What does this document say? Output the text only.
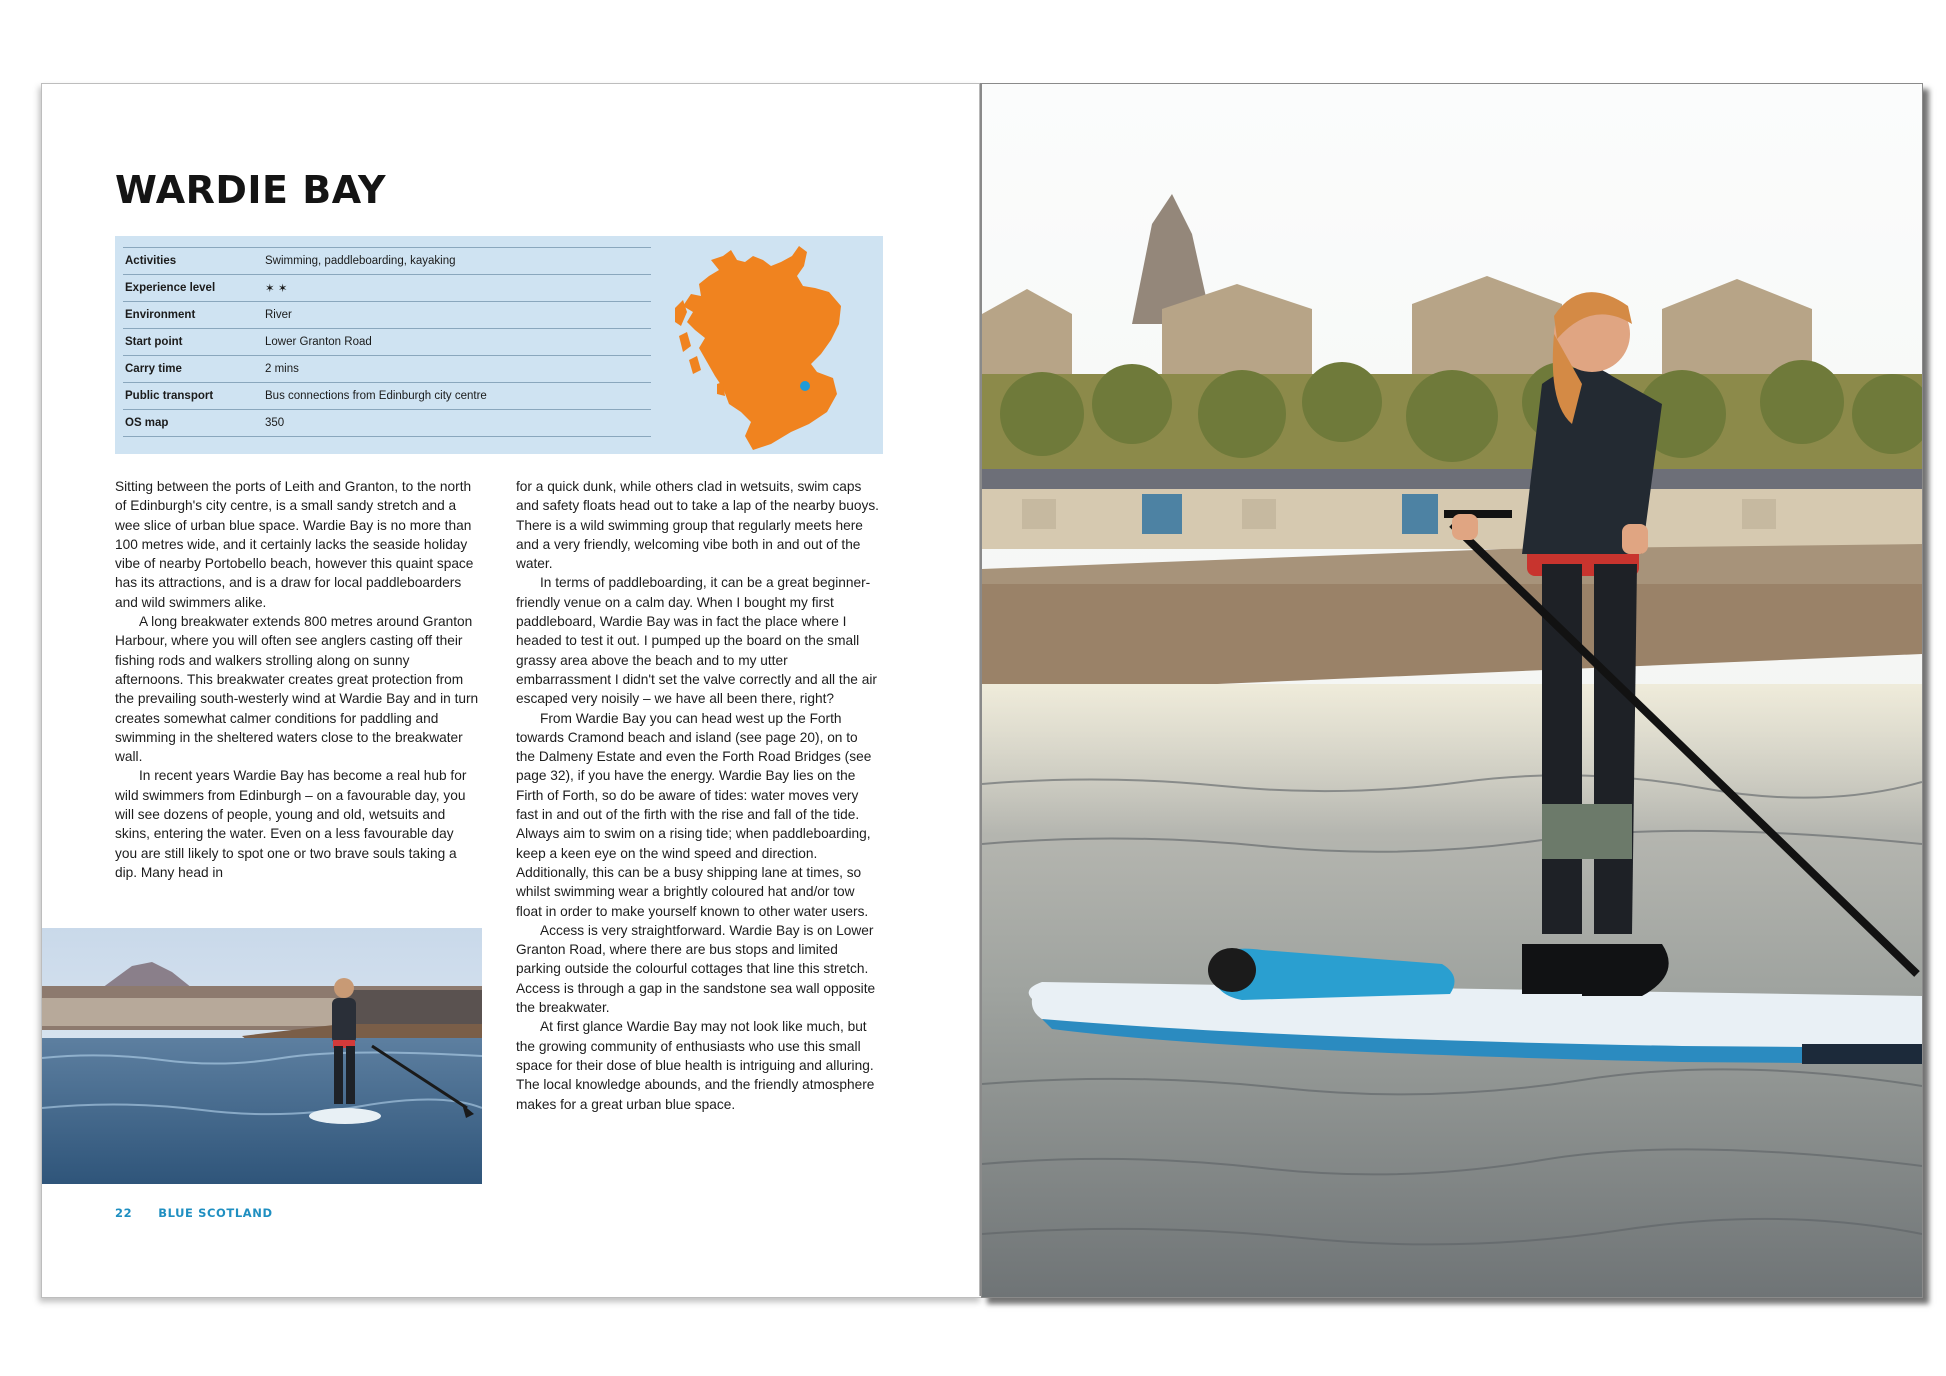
WARDIE BAY
Activities	Swimming, paddleboarding, kayaking
Experience level	✶ ✶
Environment	River
Start point	Lower Granton Road
Carry time	2 mins
Public transport	Bus connections from Edinburgh city centre
OS map	350

Sitting between the ports of Leith and Granton, to the north of Edinburgh's city centre, is a small sandy stretch and a wee slice of urban blue space. Wardie Bay is no more than 100 metres wide, and it certainly lacks the seaside holiday vibe of nearby Portobello beach, however this quaint space has its attractions, and is a draw for local paddleboarders and wild swimmers alike.

A long breakwater extends 800 metres around Granton Harbour, where you will often see anglers casting off their fishing rods and walkers strolling along on sunny afternoons. This breakwater creates great protection from the prevailing south-westerly wind at Wardie Bay and in turn creates somewhat calmer conditions for paddling and swimming in the sheltered waters close to the breakwater wall.

In recent years Wardie Bay has become a real hub for wild swimmers from Edinburgh – on a favourable day, you will see dozens of people, young and old, wetsuits and skins, entering the water. Even on a less favourable day you are still likely to spot one or two brave souls taking a dip. Many head in

for a quick dunk, while others clad in wetsuits, swim caps and safety floats head out to take a lap of the nearby buoys. There is a wild swimming group that regularly meets here and a very friendly, welcoming vibe both in and out of the water.

In terms of paddleboarding, it can be a great beginner-friendly venue on a calm day. When I bought my first paddleboard, Wardie Bay was in fact the place where I headed to test it out. I pumped up the board on the small grassy area above the beach and to my utter embarrassment I didn't set the valve correctly and all the air escaped very noisily – we have all been there, right?

From Wardie Bay you can head west up the Forth towards Cramond beach and island (see page 20), on to the Dalmeny Estate and even the Forth Road Bridges (see page 32), if you have the energy. Wardie Bay lies on the Firth of Forth, so do be aware of tides: water moves very fast in and out of the firth with the rise and fall of the tide. Always aim to swim on a rising tide; when paddleboarding, keep a keen eye on the wind speed and direction. Additionally, this can be a busy shipping lane at times, so whilst swimming wear a brightly coloured hat and/or tow float in order to make yourself known to other water users.

Access is very straightforward. Wardie Bay is on Lower Granton Road, where there are bus stops and limited parking outside the colourful cottages that line this stretch. Access is through a gap in the sandstone sea wall opposite the breakwater.

At first glance Wardie Bay may not look like much, but the growing community of enthusiasts who use this small space for their dose of blue health is intriguing and alluring. The local knowledge abounds, and the friendly atmosphere makes for a great urban blue space.

22 BLUE SCOTLAND
